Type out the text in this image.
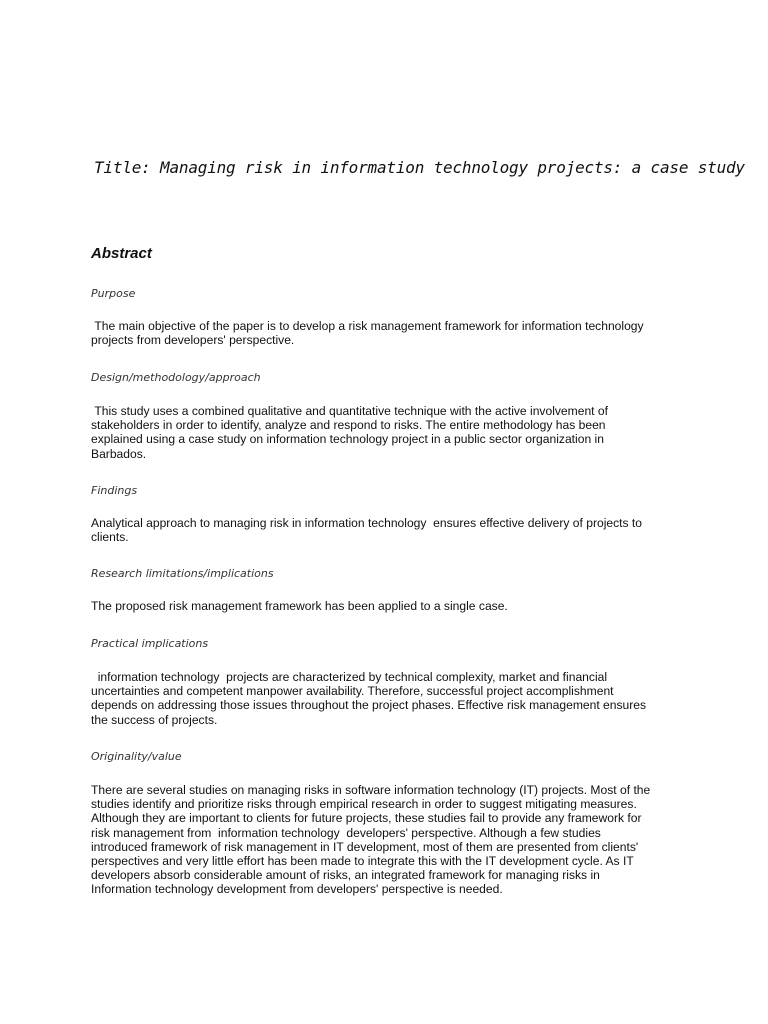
Title: Managing risk in information technology projects: a case study
Abstract

Purpose

The main objective of the paper is to develop a risk management framework for information technology
projects from developers' perspective.

Design/methodology/approach

This study uses a combined qualitative and quantitative technique with the active involvement of
stakeholders in order to identify, analyze and respond to risks. The entire methodology has been
explained using a case study on information technology project in a public sector organization in
Barbados.

Findings

Analytical approach to managing risk in information technology  ensures effective delivery of projects to
clients.

Research limitations/implications

The proposed risk management framework has been applied to a single case.

Practical implications

information technology  projects are characterized by technical complexity, market and financial
uncertainties and competent manpower availability. Therefore, successful project accomplishment
depends on addressing those issues throughout the project phases. Effective risk management ensures
the success of projects.

Originality/value

There are several studies on managing risks in software information technology (IT) projects. Most of the
studies identify and prioritize risks through empirical research in order to suggest mitigating measures.
Although they are important to clients for future projects, these studies fail to provide any framework for
risk management from  information technology  developers' perspective. Although a few studies
introduced framework of risk management in IT development, most of them are presented from clients'
perspectives and very little effort has been made to integrate this with the IT development cycle. As IT
developers absorb considerable amount of risks, an integrated framework for managing risks in
Information technology development from developers' perspective is needed.
